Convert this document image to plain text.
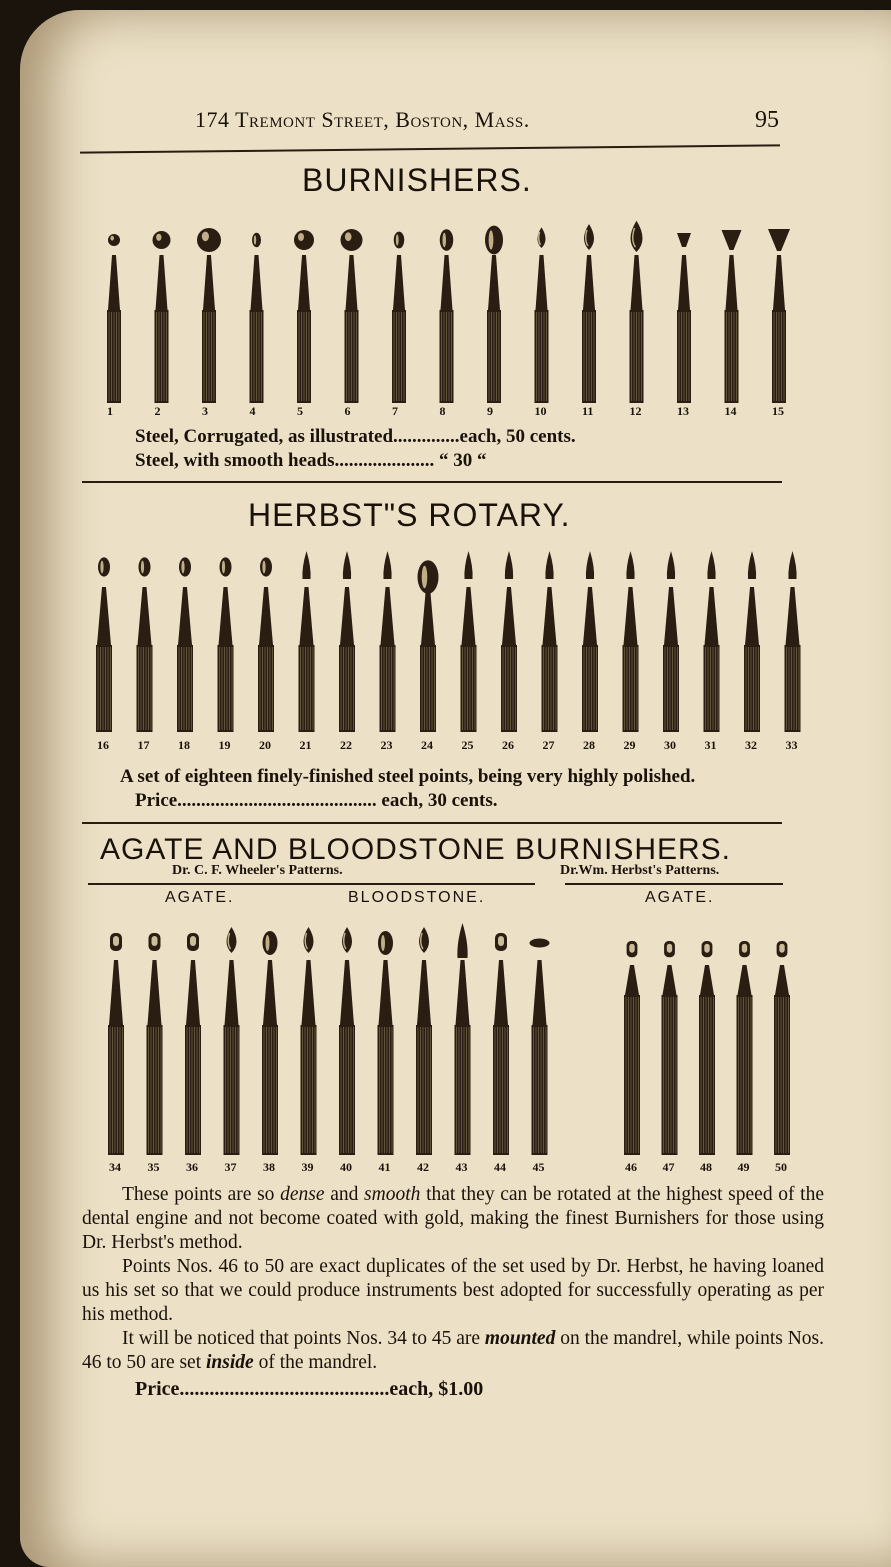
174 Tremont Street, Boston, Mass.	95
BURNISHERS.
1	2	3	4	5	6	7	8	9	10	11	12	13	14	15
Steel, Corrugated, as illustrated..............each, 50 cents.
Steel, with smooth heads..................... “ 30 “
HERBST"S ROTARY.
16 17 18 19 20 21 22 23 24 25 26 27 28 29 30 31 32 33
A set of eighteen finely-finished steel points, being very highly polished.
Price.......................................... each, 30 cents.
AGATE AND BLOODSTONE BURNISHERS.
Dr. C. F. Wheeler's Patterns.	Dr.Wm. Herbst's Patterns.
AGATE.	BLOODSTONE.	AGATE.
34 35 36 37 38 39 40 41 42 43 44 45	46 47 48 49 50

These points are so dense and smooth that they can be rotated at the highest speed of the dental engine and not become coated with gold, making the finest Burnishers for those using Dr. Herbst's method.

Points Nos. 46 to 50 are exact duplicates of the set used by Dr. Herbst, he having loaned us his set so that we could produce instruments best adopted for successfully operating as per his method.

It will be noticed that points Nos. 34 to 45 are mounted on the mandrel, while points Nos. 46 to 50 are set inside of the mandrel.

Price..........................................each, $1.00
